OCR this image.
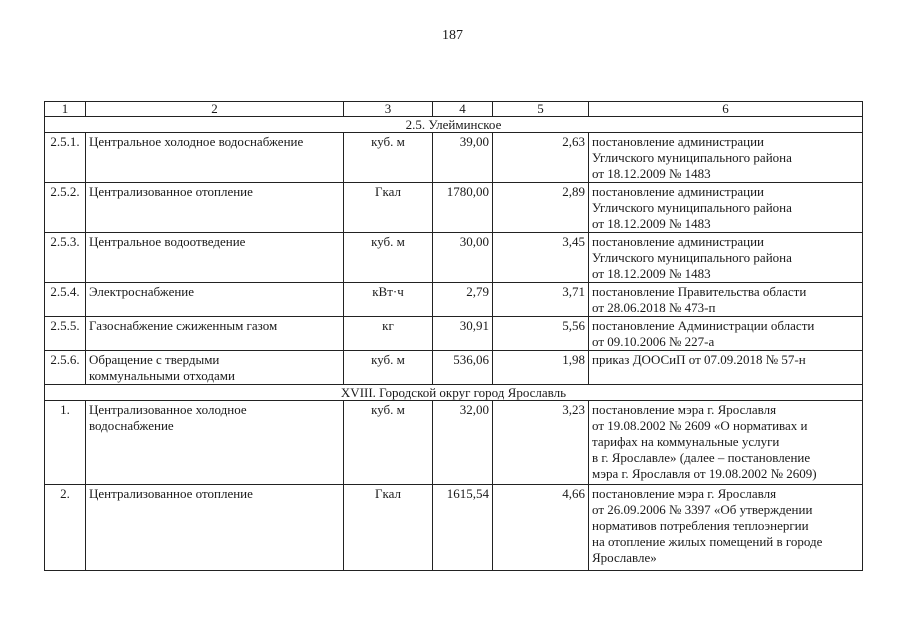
187
1	2	3	4	5	6
2.5. Улейминское					
2.5.1.	Центральное холодное водоснабжение	куб. м	39,00	2,63	постановление администрации
Угличского муниципального района
от 18.12.2009 № 1483

2.5.2.	Централизованное отопление	Гкал	1780,00	2,89	постановление администрации
Угличского муниципального района
от 18.12.2009 № 1483

2.5.3.	Центральное водоотведение	куб. м	30,00	3,45	постановление администрации
Угличского муниципального района
от 18.12.2009 № 1483

2.5.4.	Электроснабжение	кВт·ч	2,79	3,71	постановление Правительства области
от 28.06.2018 № 473-п

2.5.5.	Газоснабжение сжиженным газом	кг	30,91	5,56	постановление Администрации области
от 09.10.2006 № 227-а

2.5.6.	Обращение с твердыми
коммунальными отходами	куб. м	536,06	1,98	приказ ДООСиП от 07.09.2018 № 57-н

XVIII. Городской округ город Ярославль					
1.	Централизованное холодное
водоснабжение	куб. м	32,00	3,23	постановление мэра г. Ярославля
от 19.08.2002 № 2609 «О нормативах и
тарифах на коммунальные услуги
в г. Ярославле» (далее – постановление
мэра г. Ярославля от 19.08.2002 № 2609)

2.	Централизованное отопление	Гкал	1615,54	4,66	постановление мэра г. Ярославля
от 26.09.2006 № 3397 «Об утверждении
нормативов потребления теплоэнергии
на отопление жилых помещений в городе
Ярославле»
